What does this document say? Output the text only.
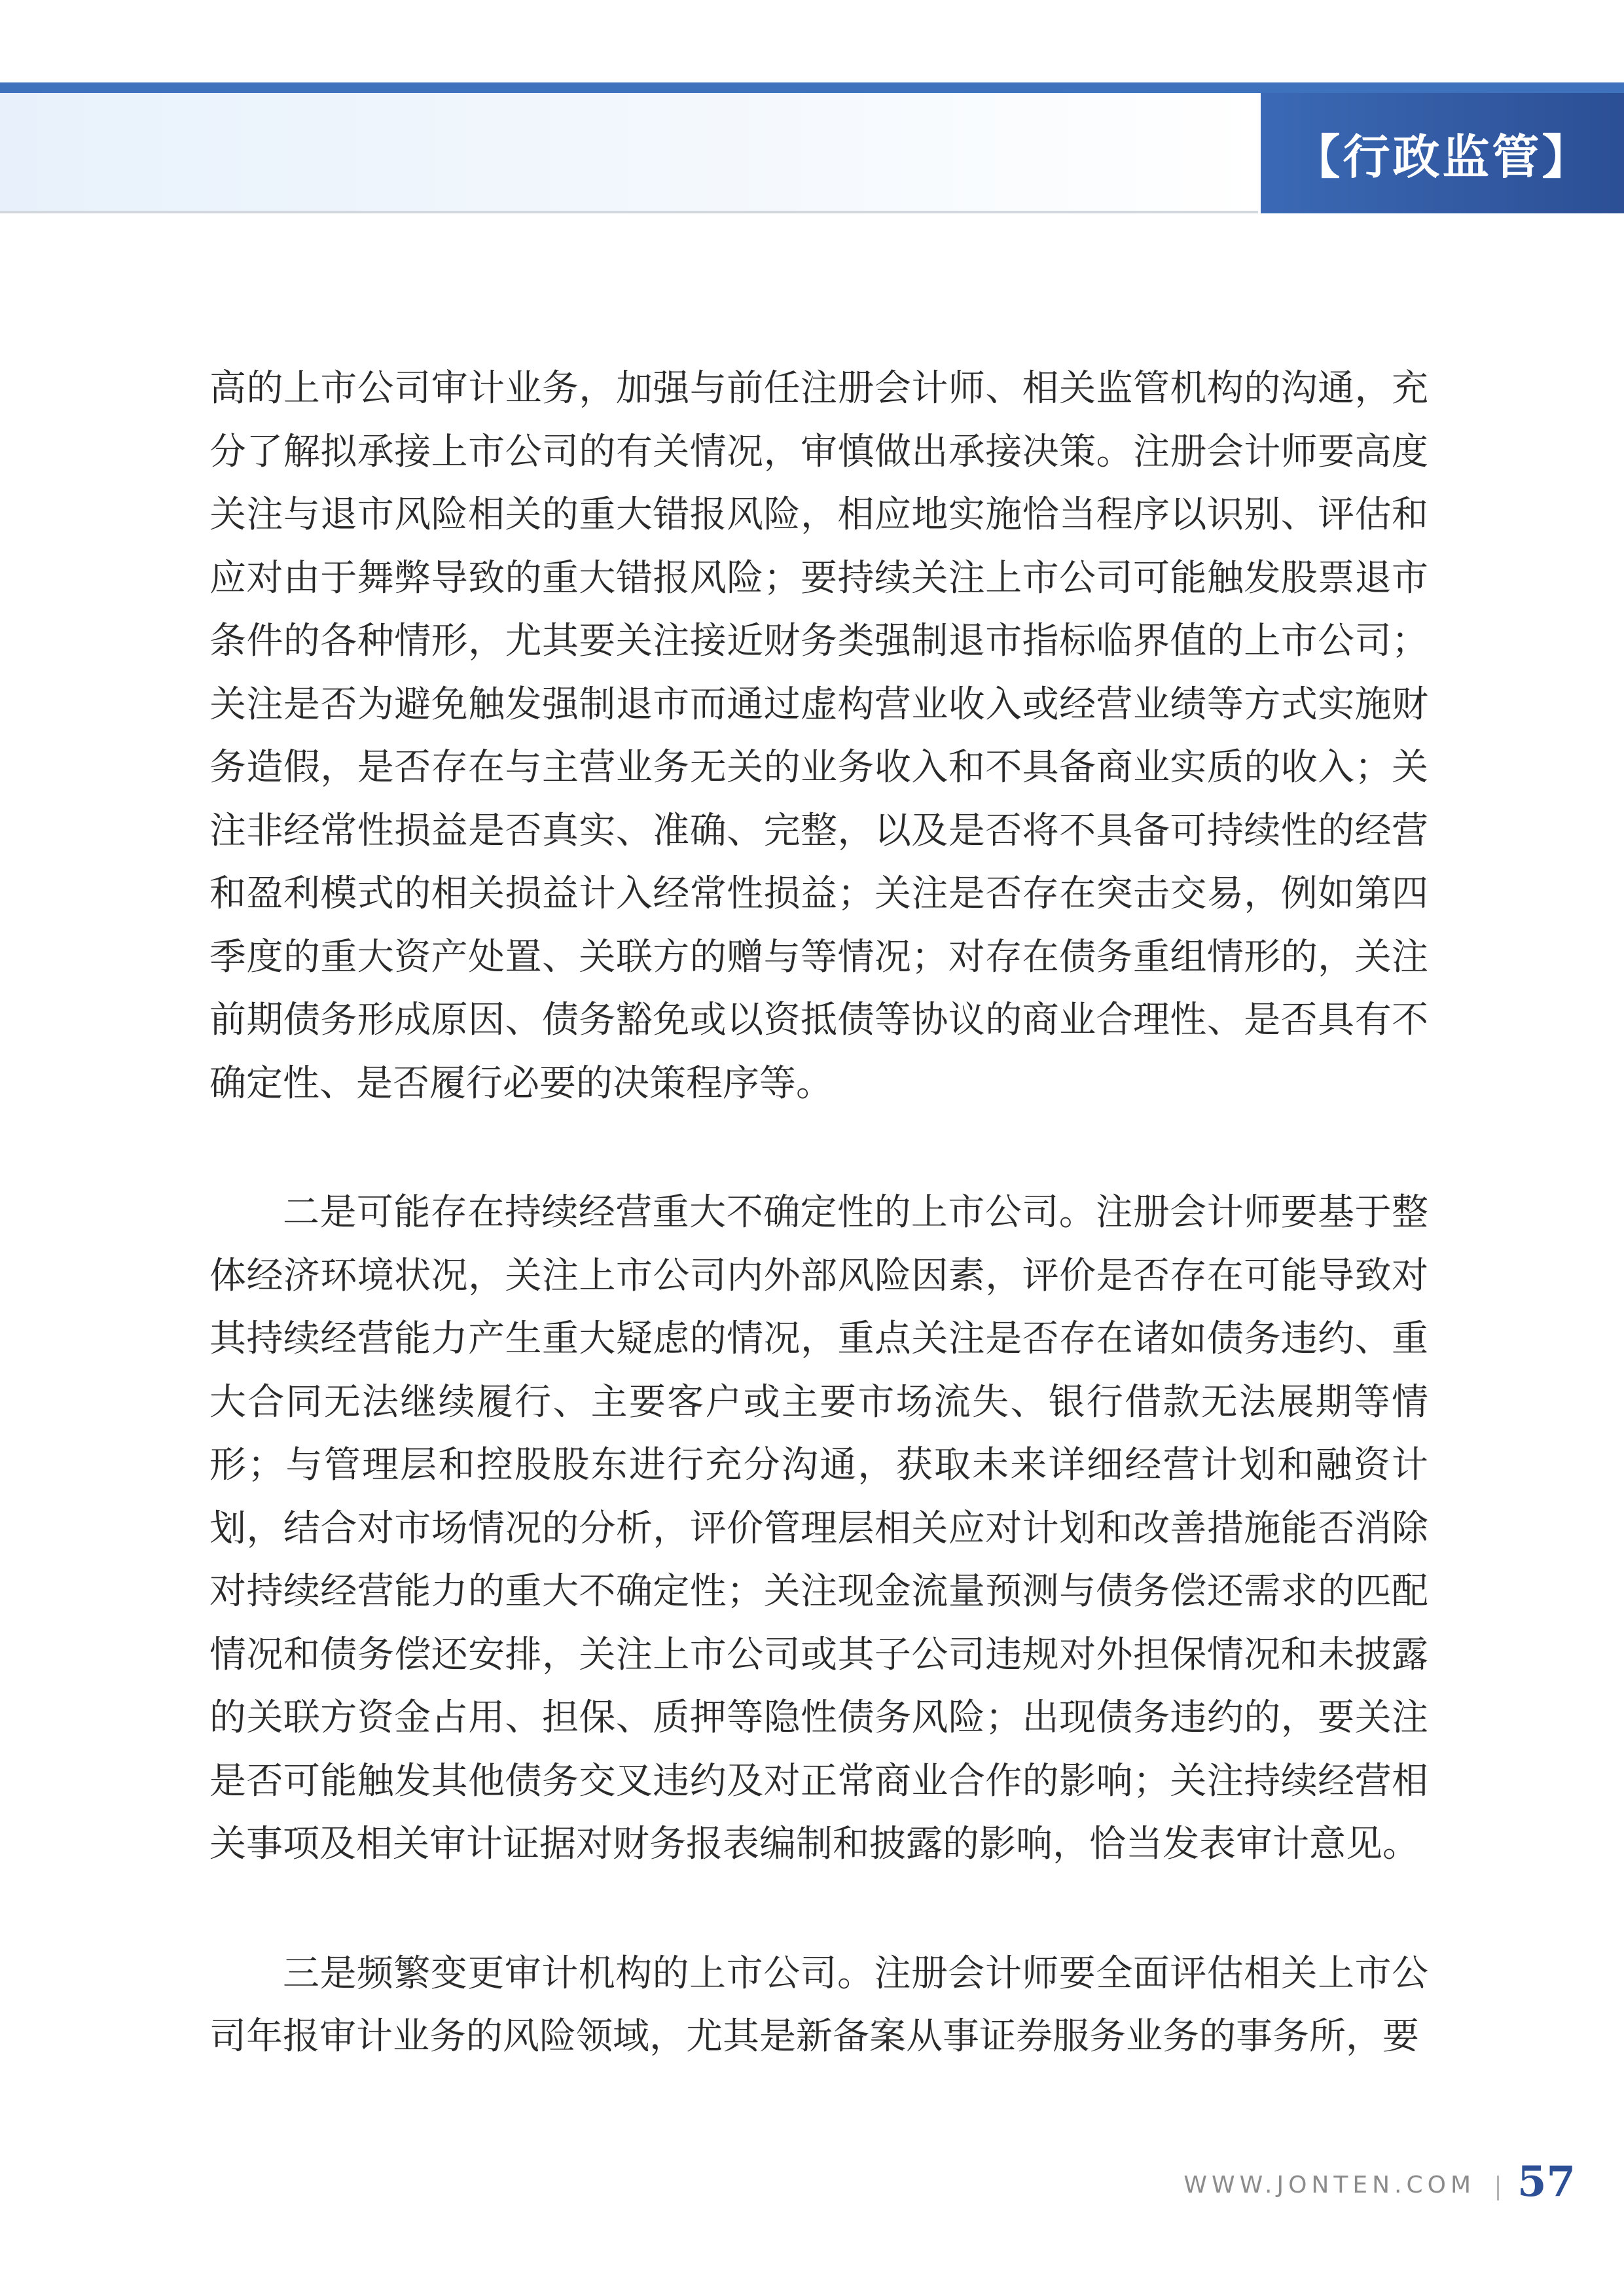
【行政监管】

高的上市公司审计业务，加强与前任注册会计师、相关监管机构的沟通，充分了解拟承接上市公司的有关情况，审慎做出承接决策。注册会计师要高度关注与退市风险相关的重大错报风险，相应地实施恰当程序以识别、评估和应对由于舞弊导致的重大错报风险；要持续关注上市公司可能触发股票退市条件的各种情形，尤其要关注接近财务类强制退市指标临界值的上市公司；关注是否为避免触发强制退市而通过虚构营业收入或经营业绩等方式实施财务造假，是否存在与主营业务无关的业务收入和不具备商业实质的收入；关注非经常性损益是否真实、准确、完整，以及是否将不具备可持续性的经营和盈利模式的相关损益计入经常性损益；关注是否存在突击交易，例如第四季度的重大资产处置、关联方的赠与等情况；对存在债务重组情形的，关注前期债务形成原因、债务豁免或以资抵债等协议的商业合理性、是否具有不确定性、是否履行必要的决策程序等。

二是可能存在持续经营重大不确定性的上市公司。注册会计师要基于整体经济环境状况，关注上市公司内外部风险因素，评价是否存在可能导致对其持续经营能力产生重大疑虑的情况，重点关注是否存在诸如债务违约、重大合同无法继续履行、主要客户或主要市场流失、银行借款无法展期等情形；与管理层和控股股东进行充分沟通，获取未来详细经营计划和融资计划，结合对市场情况的分析，评价管理层相关应对计划和改善措施能否消除对持续经营能力的重大不确定性；关注现金流量预测与债务偿还需求的匹配情况和债务偿还安排，关注上市公司或其子公司违规对外担保情况和未披露的关联方资金占用、担保、质押等隐性债务风险；出现债务违约的，要关注是否可能触发其他债务交叉违约及对正常商业合作的影响；关注持续经营相关事项及相关审计证据对财务报表编制和披露的影响，恰当发表审计意见。

三是频繁变更审计机构的上市公司。注册会计师要全面评估相关上市公司年报审计业务的风险领域，尤其是新备案从事证券服务业务的事务所，要

WWW.JONTEN.COM 57
